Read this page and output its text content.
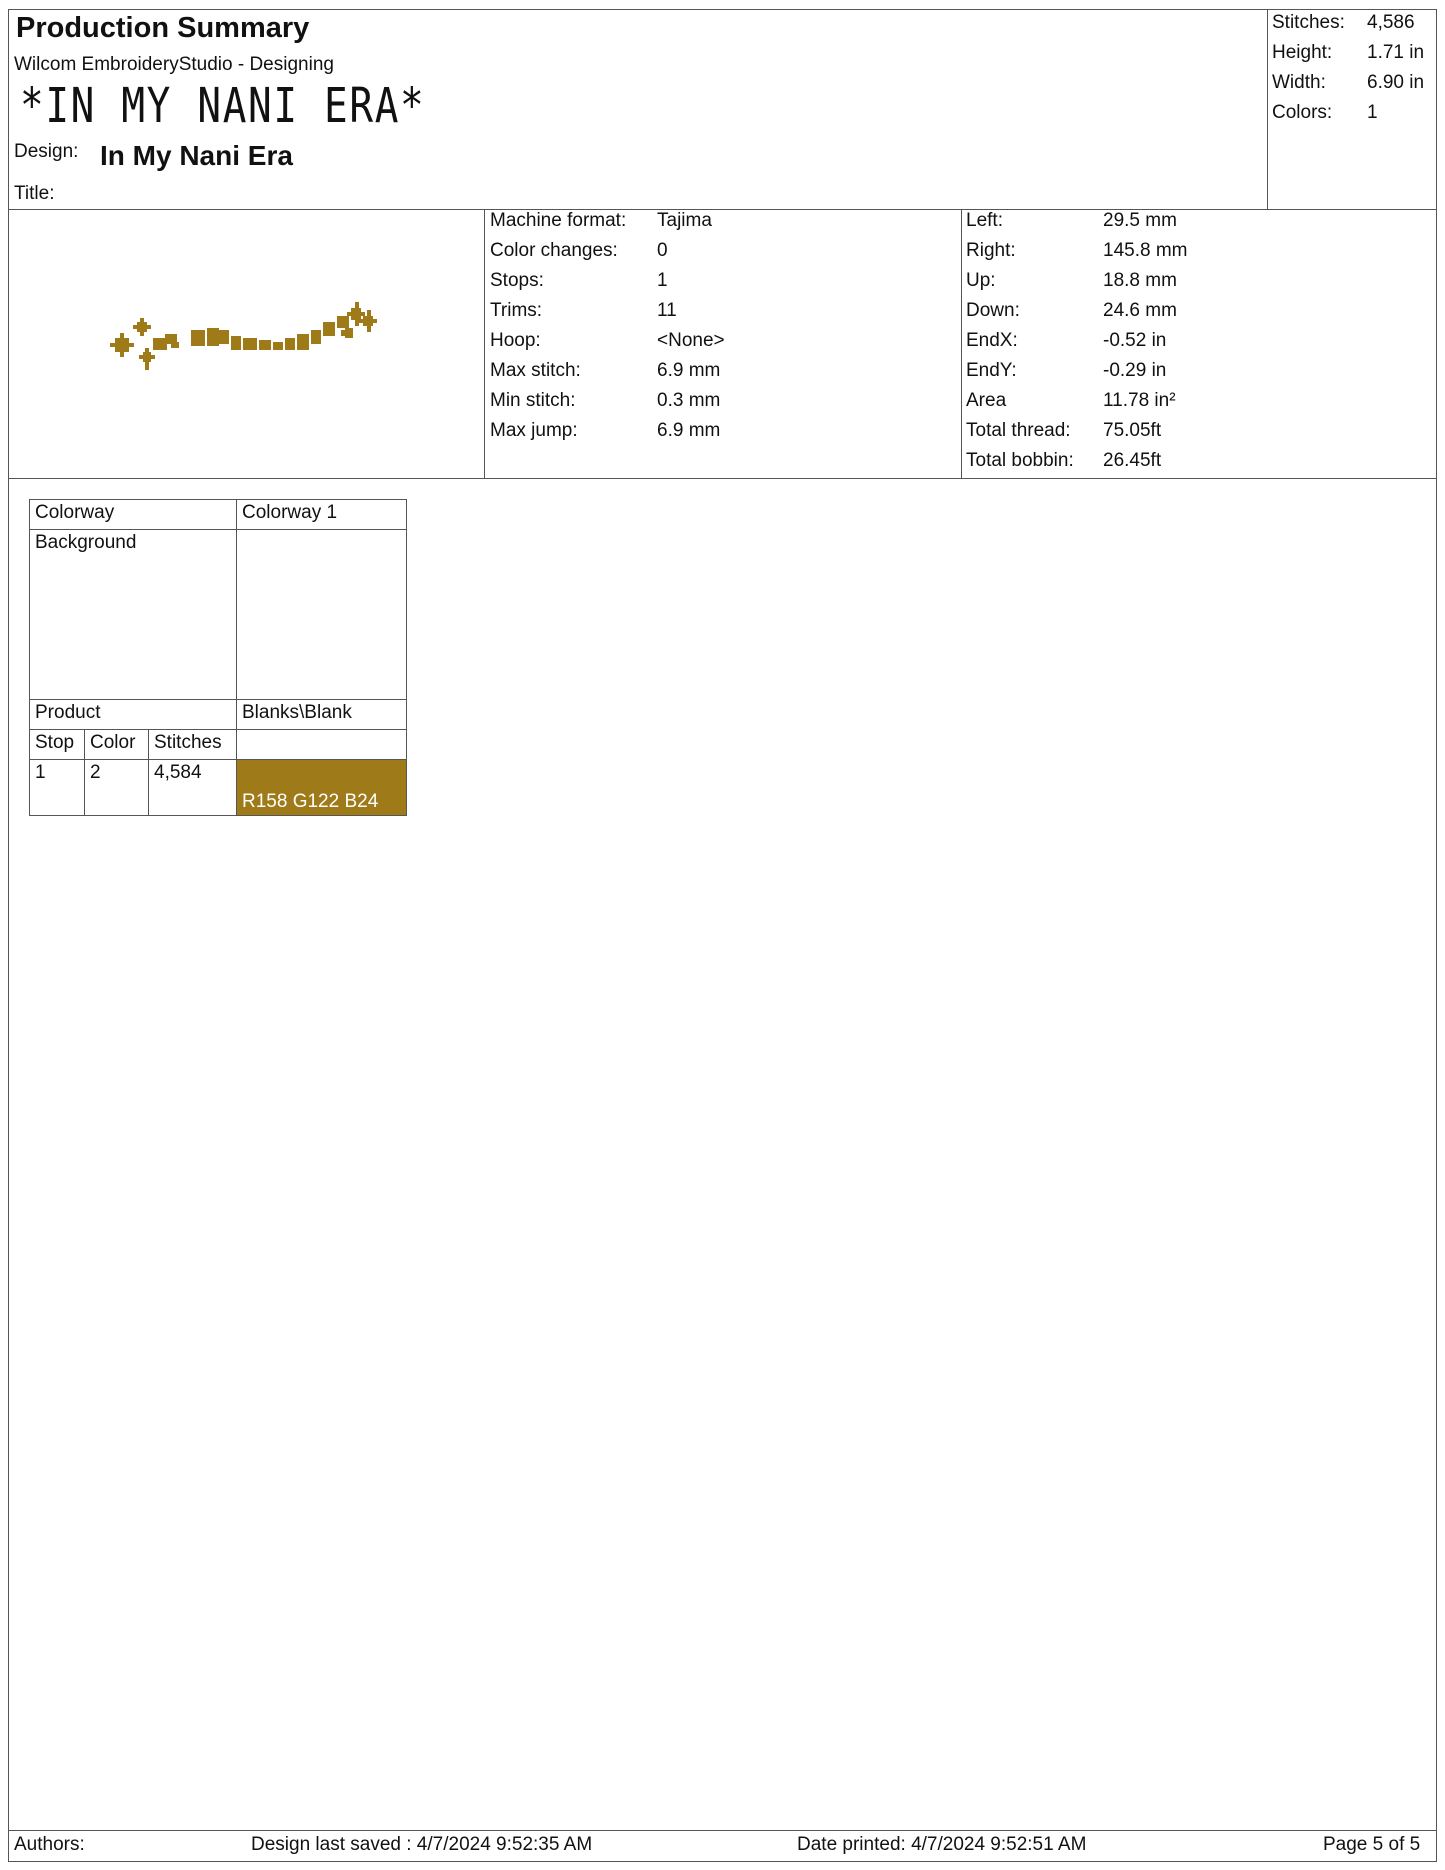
Production Summary
Wilcom EmbroideryStudio - Designing
*IN MY NANI ERA*
Design: In My Nani Era
Title:
Stitches: 4,586
Height: 1.71 in
Width: 6.90 in
Colors: 1
Machine format: Tajima
Color changes: 0
Stops:	1
Trims:	11
Hoop:	<None>
Max stitch:	6.9 mm
Min stitch:	0.3 mm
Max jump:	6.9 mm
Left:	29.5 mm
Right:	145.8 mm
Up:	18.8 mm
Down:	24.6 mm
EndX:	-0.52 in
EndY:	-0.29 in
Area	11.78 in²
Total thread: 75.05ft
Total bobbin: 26.45ft
Colorway			Colorway 1
Background			
Product			Blanks\Blank
Stop	Color	Stitches	
1	2	4,584	R158 G122 B24
Authors:	Design last saved : 4/7/2024 9:52:35 AM	Date printed: 4/7/2024 9:52:51 AM	Page 5 of 5
